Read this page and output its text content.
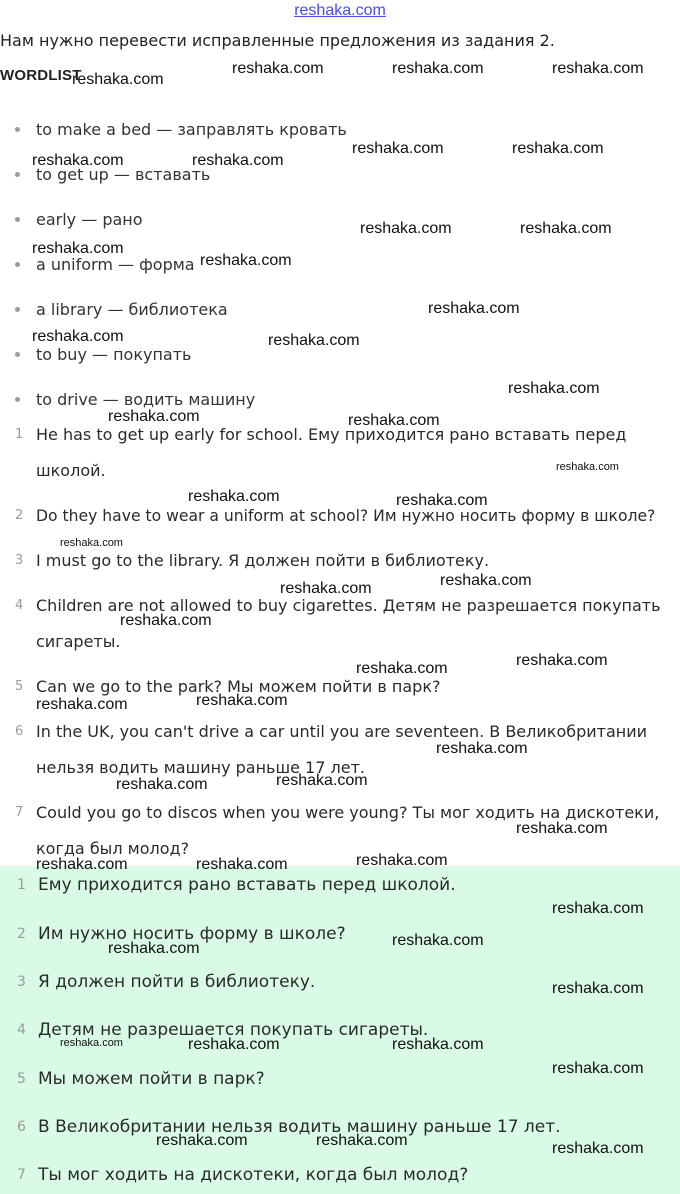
reshaka.com
Нам нужно перевести исправленные предложения из задания 2.
WORDLIST
to make a bed — заправлять кровать
to get up — вставать
early — рано
a uniform — форма
a library — библиотека
to buy — покупать
to drive — водить машину
1 He has to get up early for school. Ему приходится рано вставать перед школой.
2 Do they have to wear a uniform at school? Им нужно носить форму в школе?
3 I must go to the library. Я должен пойти в библиотеку.
4 Children are not allowed to buy cigarettes. Детям не разрешается покупать сигареты.
5 Can we go to the park? Мы можем пойти в парк?
6 In the UK, you can't drive a car until you are seventeen. В Великобритании нельзя водить машину раньше 17 лет.
7 Could you go to discos when you were young? Ты мог ходить на дискотеки, когда был молод?
1 Ему приходится рано вставать перед школой.
2 Им нужно носить форму в школе?
3 Я должен пойти в библиотеку.
4 Детям не разрешается покупать сигареты.
5 Мы можем пойти в парк?
6 В Великобритании нельзя водить машину раньше 17 лет.
7 Ты мог ходить на дискотеки, когда был молод?
reshaka.com
reshaka.com	reshaka.com	reshaka.com
reshaka.com	reshaka.com
reshaka.com	reshaka.com
reshaka.com
reshaka.com	reshaka.com
reshaka.com
reshaka.com
reshaka.com	reshaka.com
reshaka.com
reshaka.com	reshaka.com
reshaka.com
reshaka.com	reshaka.com
reshaka.com
reshaka.com	reshaka.com
reshaka.com
reshaka.com	reshaka.com
reshaka.com	reshaka.com
reshaka.com
reshaka.com	reshaka.com
reshaka.com
reshaka.com	reshaka.com	reshaka.com
reshaka.com
reshaka.com	reshaka.com
reshaka.com
reshaka.com	reshaka.com	reshaka.com
reshaka.com
reshaka.com	reshaka.com	reshaka.com
